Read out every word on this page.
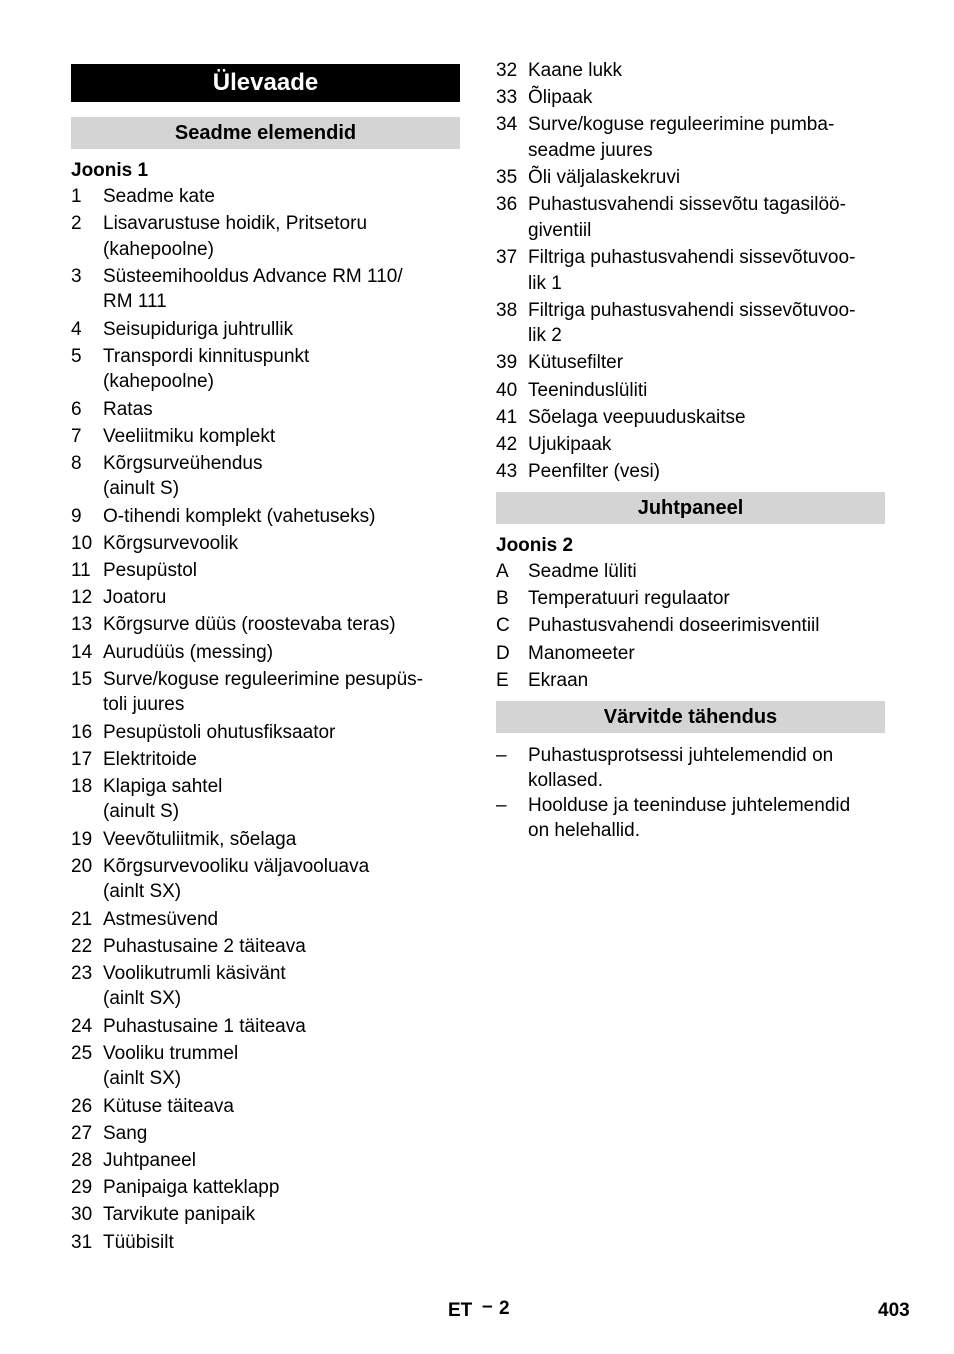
Ülevaade
Seadme elemendid
Joonis 1
1 Seadme kate
2 Lisavarustuse hoidik, Pritsetoru
(kahepoolne)
3 Süsteemihooldus Advance RM 110/
RM 111
4 Seisupiduriga juhtrullik
5 Transpordi kinnituspunkt
(kahepoolne)
6 Ratas
7 Veeliitmiku komplekt
8 Kõrgsurveühendus
(ainult S)
9 O-tihendi komplekt (vahetuseks)
10 Kõrgsurvevoolik
11 Pesupüstol
12 Joatoru
13 Kõrgsurve düüs (roostevaba teras)
14 Aurudüüs (messing)
15 Surve/koguse reguleerimine pesupüs-
toli juures
16 Pesupüstoli ohutusfiksaator
17 Elektritoide
18 Klapiga sahtel
(ainult S)
19 Veevõtuliitmik, sõelaga
20 Kõrgsurvevooliku väljavooluava
(ainlt SX)
21 Astmesüvend
22 Puhastusaine 2 täiteava
23 Voolikutrumli käsivänt
(ainlt SX)
24 Puhastusaine 1 täiteava
25 Vooliku trummel
(ainlt SX)
26 Kütuse täiteava
27 Sang
28 Juhtpaneel
29 Panipaiga katteklapp
30 Tarvikute panipaik
31 Tüübisilt
32 Kaane lukk
33 Õlipaak
34 Surve/koguse reguleerimine pumba-
seadme juures
35 Õli väljalaskekruvi
36 Puhastusvahendi sissevõtu tagasilöö-
giventiil
37 Filtriga puhastusvahendi sissevõtuvoo-
lik 1
38 Filtriga puhastusvahendi sissevõtuvoo-
lik 2
39 Kütusefilter
40 Teeninduslüliti
41 Sõelaga veepuuduskaitse
42 Ujukipaak
43 Peenfilter (vesi)
Juhtpaneel
Joonis 2
A Seadme lüliti
B Temperatuuri regulaator
C Puhastusvahendi doseerimisventiil
D Manomeeter
E Ekraan
Värvitde tähendus
– Puhastusprotsessi juhtelemendid on
kollased.
– Hoolduse ja teeninduse juhtelemendid
on helehallid.
ET – 2	403
